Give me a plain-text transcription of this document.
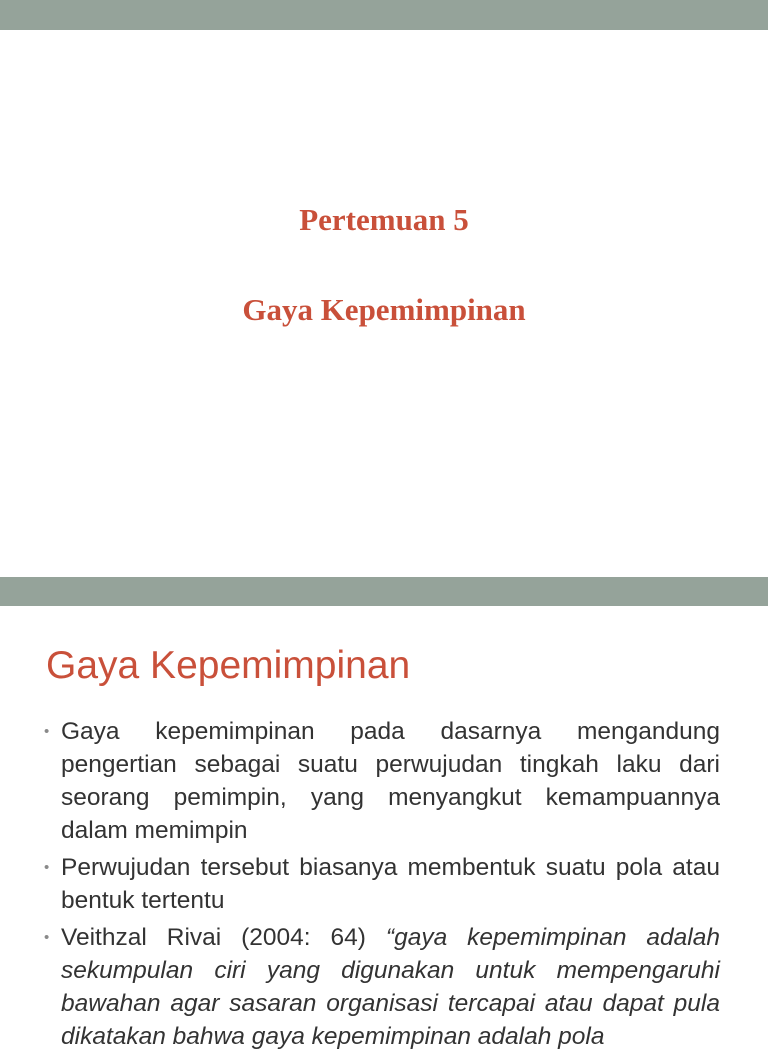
Pertemuan 5
Gaya Kepemimpinan
Gaya Kepemimpinan
• Gaya kepemimpinan pada dasarnya mengandung pengertian sebagai suatu perwujudan tingkah laku dari seorang pemimpin, yang menyangkut kemampuannya dalam memimpin
• Perwujudan tersebut biasanya membentuk suatu pola atau bentuk tertentu
• Veithzal Rivai (2004: 64) “gaya kepemimpinan adalah sekumpulan ciri yang digunakan untuk mempengaruhi bawahan agar sasaran organisasi tercapai atau dapat pula dikatakan bahwa gaya kepemimpinan adalah pola
